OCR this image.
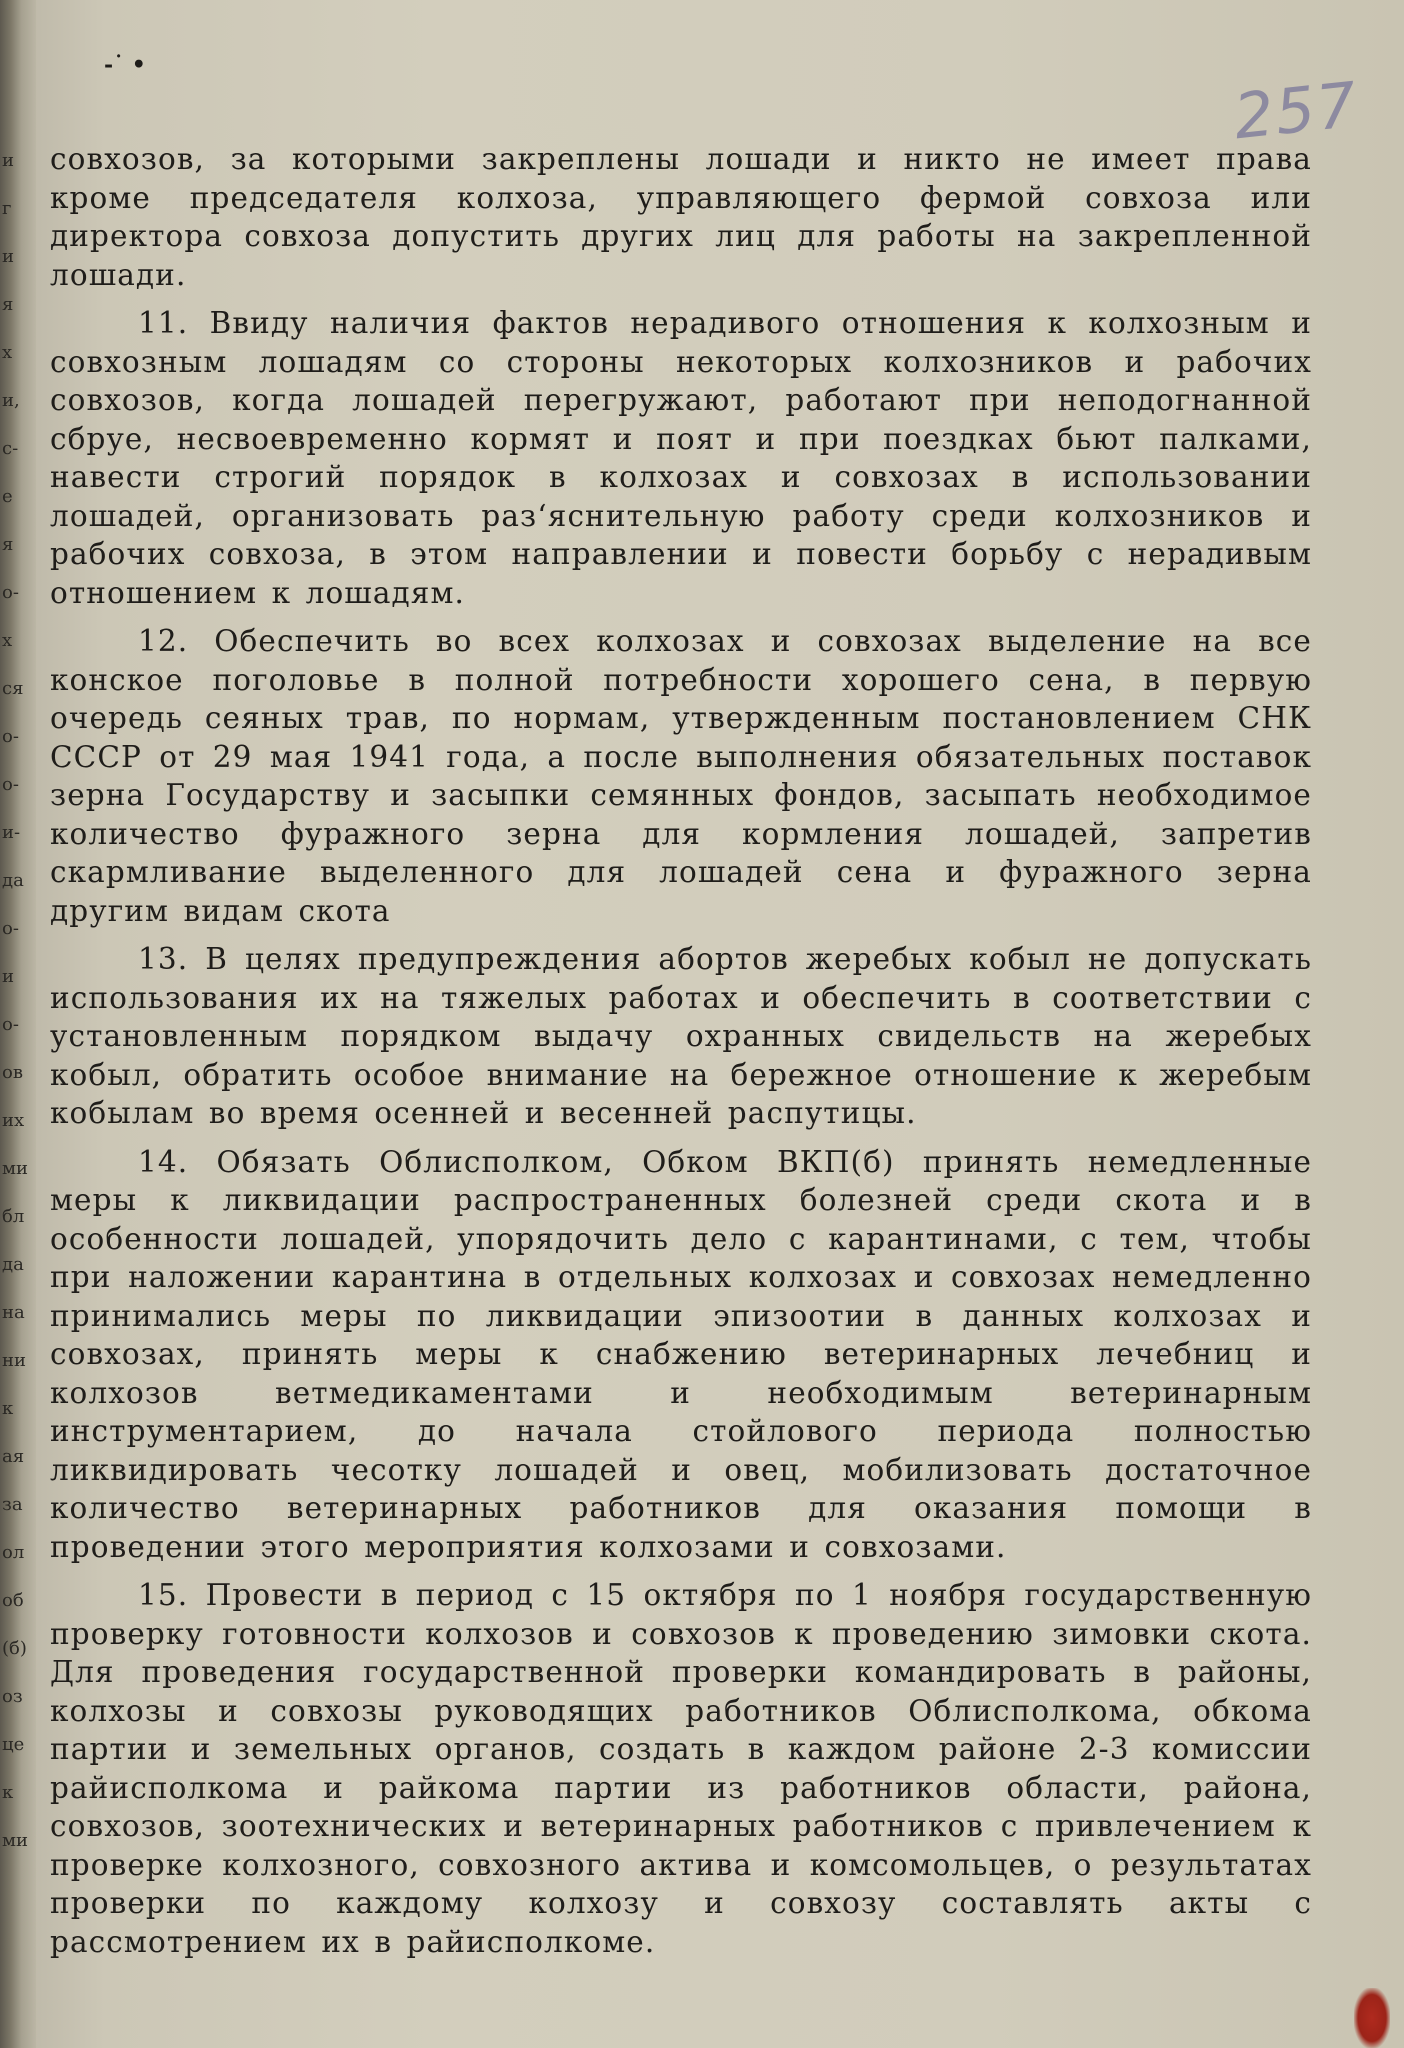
-˙ •
257

совхозов, за которыми закреплены лошади и никто не имеет права кроме председателя колхоза, управляющего фермой совхоза или директора совхоза допустить других лиц для работы на закрепленной лошади.

11. Ввиду наличия фактов нерадивого отношения к колхозным и совхозным лошадям со стороны некоторых колхозников и рабочих совхозов, когда лошадей перегружают, работают при неподогнанной сбруе, несвоевременно кормят и поят и при поездках бьют палками, навести строгий порядок в колхозах и совхозах в использовании лошадей, организовать раз‘яснительную работу среди колхозников и рабочих совхоза, в этом направлении и повести борьбу с нерадивым отношением к лошадям.

12. Обеспечить во всех колхозах и совхозах выделение на все конское поголовье в полной потребности хорошего сена, в первую очередь сеяных трав, по нормам, утвержденным постановлением СНК СССР от 29 мая 1941 года, а после выполнения обязательных поставок зерна Государству и засыпки семянных фондов, засыпать необходимое количество фуражного зерна для кормления лошадей, запретив скармливание выделенного для лошадей сена и фуражного зерна другим видам скота

13. В целях предупреждения абортов жеребых кобыл не допускать использования их на тяжелых работах и обеспечить в соответствии с установленным порядком выдачу охранных свидельств на жеребых кобыл, обратить особое внимание на бережное отношение к жеребым кобылам во время осенней и весенней распутицы.

14. Обязать Облисполком, Обком ВКП(б) принять немедленные меры к ликвидации распространенных болезней среди скота и в особенности лошадей, упорядочить дело с карантинами, с тем, чтобы при наложении карантина в отдельных колхозах и совхозах немедленно принимались меры по ликвидации эпизоотии в данных колхозах и совхозах, принять меры к снабжению ветеринарных лечебниц и колхозов ветмедикаментами и необходимым ветеринарным инструментарием, до начала стойлового периода полностью ликвидировать чесотку лошадей и овец, мобилизовать достаточное количество ветеринарных работников для оказания помощи в проведении этого мероприятия колхозами и совхозами.

15. Провести в период с 15 октября по 1 ноября государственную проверку готовности колхозов и совхозов к проведению зимовки скота. Для проведения государственной проверки командировать в районы, колхозы и совхозы руководящих работников Облисполкома, обкома партии и земельных органов, создать в каждом районе 2-3 комиссии райисполкома и райкома партии из работников области, района, совхозов, зоотехнических и ветеринарных работников с привлечением к проверке колхозного, совхозного актива и комсомольцев, о результатах проверки по каждому колхозу и совхозу составлять акты с рассмотрением их в райисполкоме.

и
г
и
я
х
и,
с-
е
я
о-
х
ся
о-
о-
и-
да
о-
и
о-
ов
их
ми
бл
да
на
ни
к
ая
за
ол
об
(б)
оз
це
к
ми
